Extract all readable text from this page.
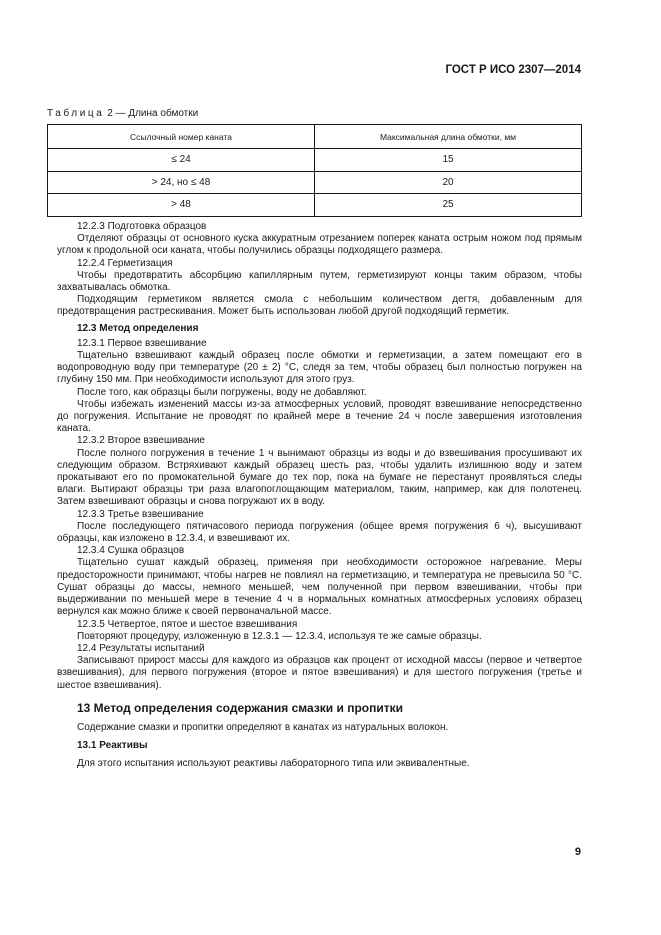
ГОСТ Р ИСО 2307—2014
Таблица 2 — Длина обмотки
Ссылочный номер каната	Максимальная длина обмотки, мм
≤ 24	15
> 24, но ≤ 48	20
> 48	25

12.2.3 Подготовка образцов

Отделяют образцы от основного куска аккуратным отрезанием поперек каната острым ножом под прямым углом к продольной оси каната, чтобы получились образцы подходящего размера.

12.2.4 Герметизация

Чтобы предотвратить абсорбцию капиллярным путем, герметизируют концы таким образом, чтобы захватывалась обмотка.

Подходящим герметиком является смола с небольшим количеством дегтя, добавленным для предотвращения растрескивания. Может быть использован любой другой подходящий герметик.

12.3 Метод определения

12.3.1 Первое взвешивание

Тщательно взвешивают каждый образец после обмотки и герметизации, а затем помещают его в водопроводную воду при температуре (20 ± 2) °С, следя за тем, чтобы образец был полностью погружен на глубину 150 мм. При необходимости используют для этого груз.

После того, как образцы были погружены, воду не добавляют.

Чтобы избежать изменений массы из-за атмосферных условий, проводят взвешивание непосредственно до погружения. Испытание не проводят по крайней мере в течение 24 ч после завершения изготовления каната.

12.3.2 Второе взвешивание

После полного погружения в течение 1 ч вынимают образцы из воды и до взвешивания просушивают их следующим образом. Встряхивают каждый образец шесть раз, чтобы удалить излишнюю воду и затем прокатывают его по промокательной бумаге до тех пор, пока на бумаге не перестанут проявляться следы влаги. Вытирают образцы три раза влагопоглощающим материалом, таким, например, как для полотенец. Затем взвешивают образцы и снова погружают их в воду.

12.3.3 Третье взвешивание

После последующего пятичасового периода погружения (общее время погружения 6 ч), высушивают образцы, как изложено в 12.3.4, и взвешивают их.

12.3.4 Сушка образцов

Тщательно сушат каждый образец, применяя при необходимости осторожное нагревание. Меры предосторожности принимают, чтобы нагрев не повлиял на герметизацию, и температура не превысила 50 °С. Сушат образцы до массы, немного меньшей, чем полученной при первом взвешивании, чтобы при выдерживании по меньшей мере в течение 4 ч в нормальных комнатных атмосферных условиях образец вернулся как можно ближе к своей первоначальной массе.

12.3.5 Четвертое, пятое и шестое взвешивания

Повторяют процедуру, изложенную в 12.3.1 — 12.3.4, используя те же самые образцы.

12.4 Результаты испытаний

Записывают прирост массы для каждого из образцов как процент от исходной массы (первое и четвертое взвешивания), для первого погружения (второе и пятое взвешивания) и для шестого погружения (третье и шестое взвешивания).

13 Метод определения содержания смазки и пропитки

Содержание смазки и пропитки определяют в канатах из натуральных волокон.

13.1 Реактивы

Для этого испытания используют реактивы лабораторного типа или эквивалентные.

9
